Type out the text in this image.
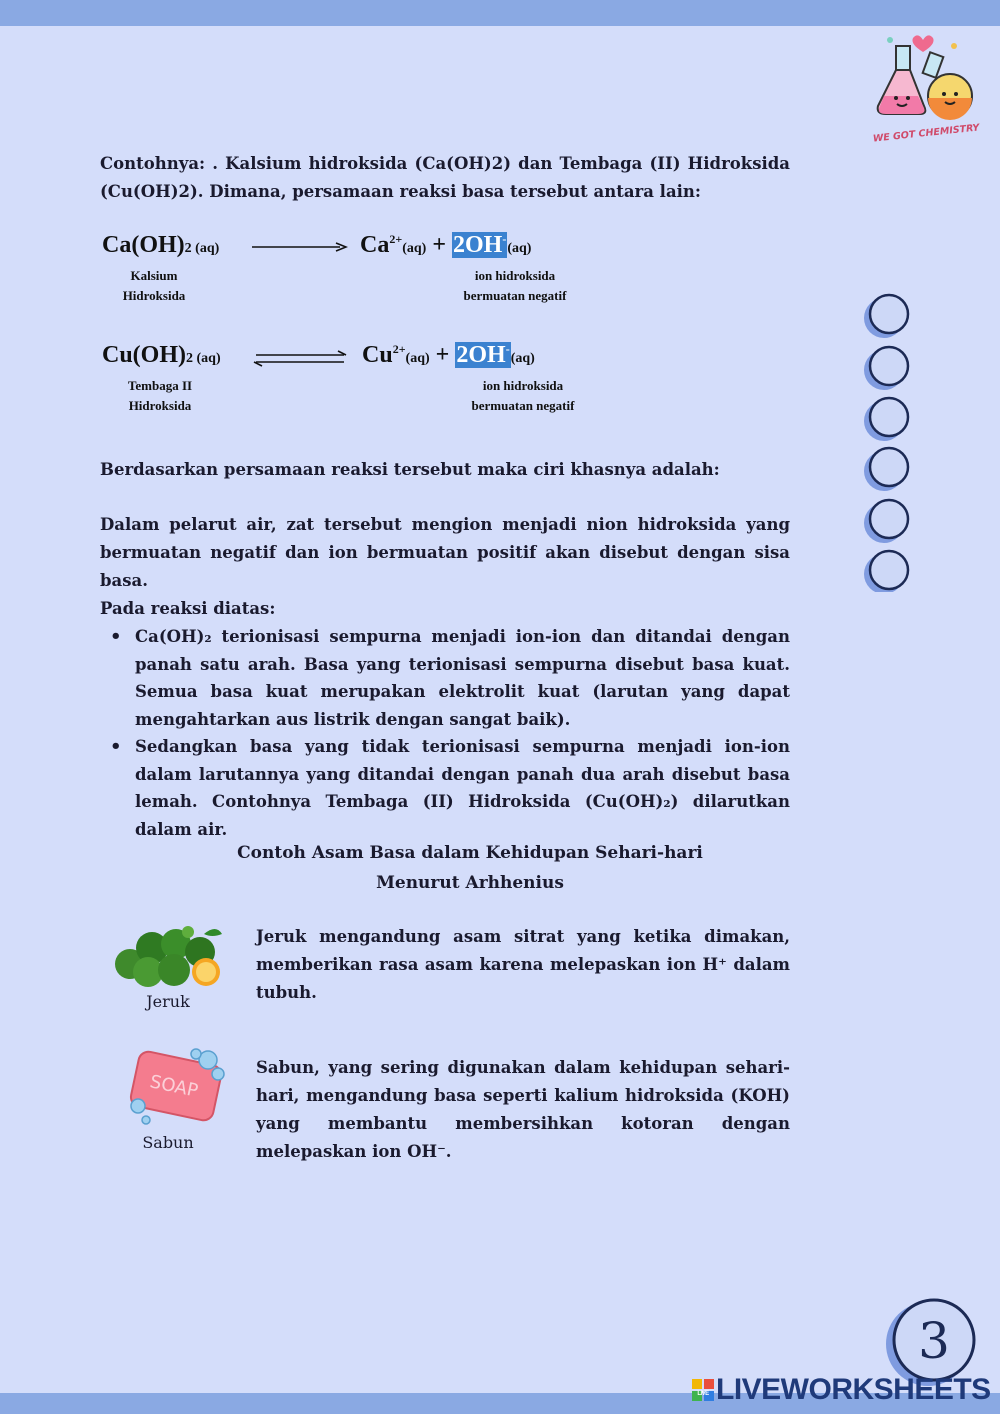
WE GOT CHEMISTRY

Contohnya: . Kalsium hidroksida (Ca(OH)2) dan Tembaga (II) Hidroksida (Cu(OH)2). Dimana, persamaan reaksi basa tersebut antara lain:

Ca(OH)2 (aq)	$Ca^{2+}(aq) + 2OH^-(aq)$
Kalsium
Hidroksida
ion hidroksida
bermuatan negatif
Cu(OH)2 (aq)	$Cu^{2+}(aq) + 2OH^-(aq)$
Tembaga II
Hidroksida
ion hidroksida
bermuatan negatif

Berdasarkan persamaan reaksi tersebut maka ciri khasnya adalah:

Dalam pelarut air, zat tersebut mengion menjadi nion hidroksida yang bermuatan negatif dan ion bermuatan positif akan disebut dengan sisa basa.

Pada reaksi diatas:

• Ca(OH)₂ terionisasi sempurna menjadi ion-ion dan ditandai dengan panah satu arah. Basa yang terionisasi sempurna disebut basa kuat. Semua basa kuat merupakan elektrolit kuat (larutan yang dapat mengahtarkan aus listrik dengan sangat baik).
• Sedangkan basa yang tidak terionisasi sempurna menjadi ion-ion dalam larutannya yang ditandai dengan panah dua arah disebut basa lemah. Contohnya Tembaga (II) Hidroksida (Cu(OH)₂) dilarutkan dalam air.
Contoh Asam Basa dalam Kehidupan Sehari-hari
Menurut Arhhenius
Jeruk

Jeruk mengandung asam sitrat yang ketika dimakan, memberikan rasa asam karena melepaskan ion H⁺ dalam tubuh.

SOAP
Sabun

Sabun, yang sering digunakan dalam kehidupan sehari-hari, mengandung basa seperti kalium hidroksida (KOH) yang membantu membersihkan kotoran dengan melepaskan ion OH⁻.

3
LIVE LIVEWORKSHEETS
